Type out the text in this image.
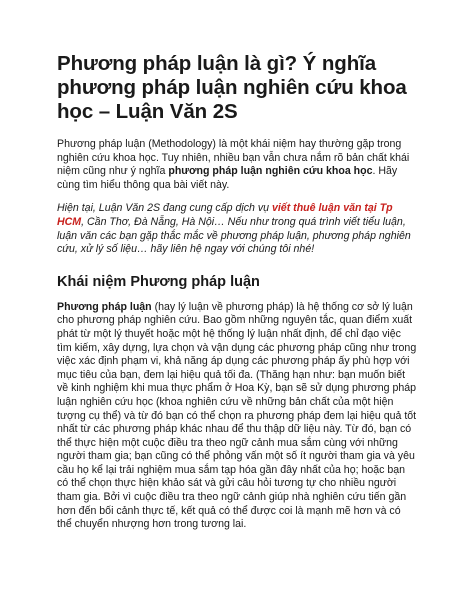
Phương pháp luận là gì? Ý nghĩa phương pháp luận nghiên cứu khoa học – Luận Văn 2S

Phương pháp luận (Methodology) là một khái niệm hay thường gặp trong nghiên cứu khoa học. Tuy nhiên, nhiều bạn vẫn chưa nắm rõ bản chất khái niệm cũng như ý nghĩa phương pháp luận nghiên cứu khoa học. Hãy cùng tìm hiểu thông qua bài viết này.

Hiện tại, Luận Văn 2S đang cung cấp dịch vụ viết thuê luận văn tại Tp HCM, Cần Thơ, Đà Nẵng, Hà Nội… Nếu như trong quá trình viết tiểu luận, luận văn các bạn gặp thắc mắc về phương pháp luận, phương pháp nghiên cứu, xử lý số liệu… hãy liên hệ ngay với chúng tôi nhé!

Khái niệm Phương pháp luận

Phương pháp luận (hay lý luận về phương pháp) là hệ thống cơ sở lý luận cho phương pháp nghiên cứu. Bao gồm những nguyên tắc, quan điểm xuất phát từ một lý thuyết hoặc một hệ thống lý luận nhất định, để chỉ đạo việc tìm kiếm, xây dựng, lựa chọn và vận dụng các phương pháp cũng như trong việc xác định phạm vi, khả năng áp dụng các phương pháp ấy phù hợp với mục tiêu của bạn, đem lại hiệu quả tối đa. (Thăng hạn như: bạn muốn biết về kinh nghiệm khi mua thực phẩm ở Hoa Kỳ, bạn sẽ sử dụng phương pháp luận nghiên cứu học (khoa nghiên cứu về những bản chất của một hiện tượng cụ thể) và từ đó bạn có thể chọn ra phương pháp đem lại hiệu quả tốt nhất từ các phương pháp khác nhau để thu thập dữ liệu này. Từ đó, bạn có thể thực hiện một cuộc điều tra theo ngữ cảnh mua sắm cùng với những người tham gia; bạn cũng có thể phỏng vấn một số ít người tham gia và yêu cầu họ kể lại trải nghiệm mua sắm tạp hóa gần đây nhất của họ; hoặc bạn có thể chọn thực hiện khảo sát và gửi câu hỏi tương tự cho nhiều người tham gia. Bởi vì cuộc điều tra theo ngữ cảnh giúp nhà nghiên cứu tiến gần hơn đến bối cảnh thực tế, kết quả có thể được coi là mạnh mẽ hơn và có thể chuyển nhượng hơn trong tương lai.
